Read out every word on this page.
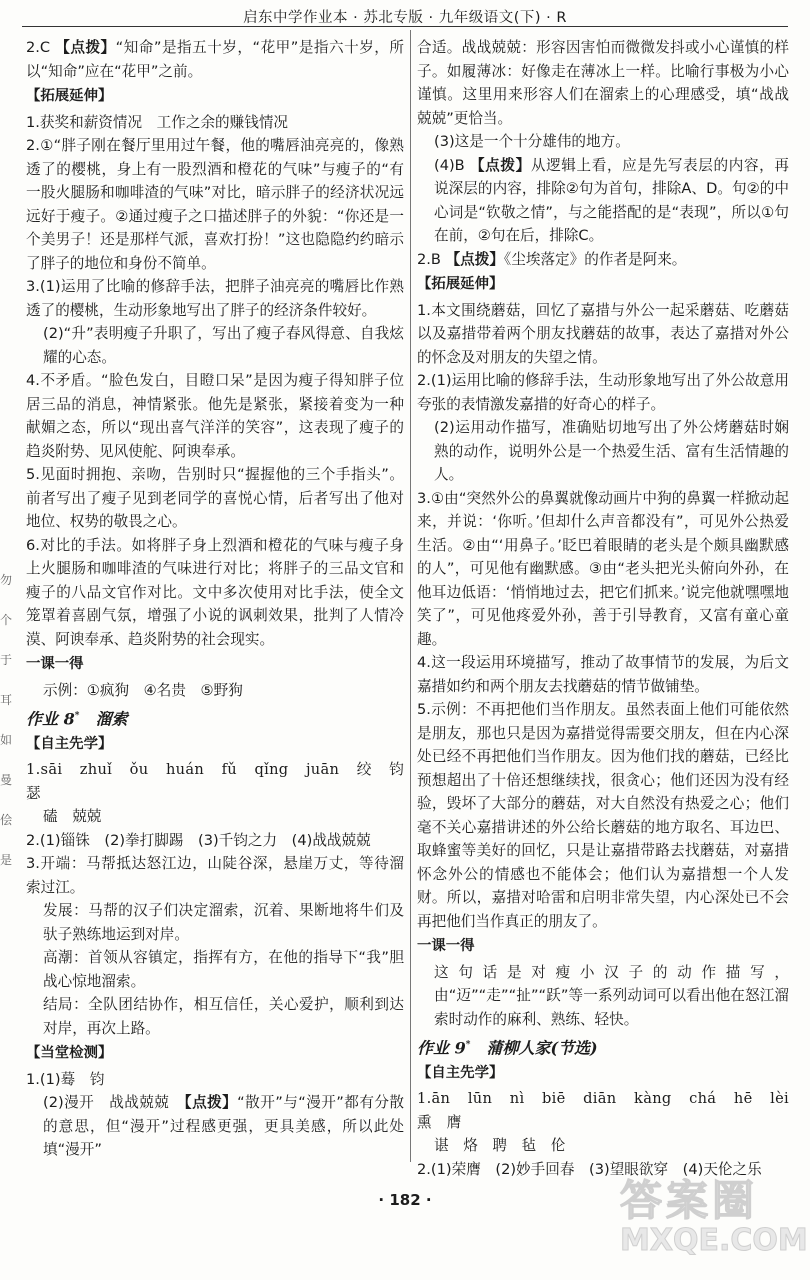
启东中学作业本 · 苏北专版 · 九年级语文(下) · R
2.C 【点拨】“知命”是指五十岁，“花甲”是指六十岁，所以“知命”应在“花甲”之前。
【拓展延伸】
1.获奖和薪资情况　工作之余的赚钱情况
2.①“胖子刚在餐厅里用过午餐，他的嘴唇油亮亮的，像熟透了的樱桃，身上有一股烈酒和橙花的气味”与瘦子的“有一股火腿肠和咖啡渣的气味”对比，暗示胖子的经济状况远远好于瘦子。②通过瘦子之口描述胖子的外貌：“你还是一个美男子！还是那样气派，喜欢打扮！”这也隐隐约约暗示了胖子的地位和身份不简单。
3.(1)运用了比喻的修辞手法，把胖子油亮亮的嘴唇比作熟透了的樱桃，生动形象地写出了胖子的经济条件较好。
(2)“升”表明瘦子升职了，写出了瘦子春风得意、自我炫耀的心态。
4.不矛盾。“脸色发白，目瞪口呆”是因为瘦子得知胖子位居三品的消息，神情紧张。他先是紧张，紧接着变为一种献媚之态，所以“现出喜气洋洋的笑容”，这表现了瘦子的趋炎附势、见风使舵、阿谀奉承。
5.见面时拥抱、亲吻，告别时只“握握他的三个手指头”。前者写出了瘦子见到老同学的喜悦心情，后者写出了他对地位、权势的敬畏之心。
6.对比的手法。如将胖子身上烈酒和橙花的气味与瘦子身上火腿肠和咖啡渣的气味进行对比；将胖子的三品文官和瘦子的八品文官作对比。文中多次使用对比手法，使全文笼罩着喜剧气氛，增强了小说的讽刺效果，批判了人情冷漠、阿谀奉承、趋炎附势的社会现实。
一课一得
示例：①疯狗　④名贵　⑤野狗
作业 8*　 溜索
【自主先学】
1.sāi　zhuǐ　ǒu　huán　fǔ　qǐng　juān　绞　钧　瑟
磕　兢兢
2.(1)锱铢　(2)拳打脚踢　(3)千钧之力　(4)战战兢兢
3.开端：马帮抵达怒江边，山陡谷深，悬崖万丈，等待溜索过江。
发展：马帮的汉子们决定溜索，沉着、果断地将牛们及驮子熟练地运到对岸。
高潮：首领从容镇定，指挥有方，在他的指导下“我”胆战心惊地溜索。
结局：全队团结协作，相互信任，关心爱护，顺利到达对岸，再次上路。
【当堂检测】
1.(1)蓦　钧
(2)漫开　战战兢兢　【点拨】“散开”与“漫开”都有分散的意思，但“漫开”过程感更强，更具美感，所以此处填“漫开”
合适。战战兢兢：形容因害怕而微微发抖或小心谨慎的样子。如履薄冰：好像走在薄冰上一样。比喻行事极为小心谨慎。这里用来形容人们在溜索上的心理感受，填“战战兢兢”更恰当。
(3)这是一个十分雄伟的地方。
(4)B 【点拨】从逻辑上看，应是先写表层的内容，再说深层的内容，排除②句为首句，排除A、D。句②的中心词是“钦敬之情”，与之能搭配的是“表现”，所以①句在前，②句在后，排除C。
2.B 【点拨】《尘埃落定》的作者是阿来。
【拓展延伸】
1.本文围绕蘑菇，回忆了嘉措与外公一起采蘑菇、吃蘑菇以及嘉措带着两个朋友找蘑菇的故事，表达了嘉措对外公的怀念及对朋友的失望之情。
2.(1)运用比喻的修辞手法，生动形象地写出了外公故意用夸张的表情激发嘉措的好奇心的样子。
(2)运用动作描写，准确贴切地写出了外公烤蘑菇时娴熟的动作，说明外公是一个热爱生活、富有生活情趣的人。
3.①由“突然外公的鼻翼就像动画片中狗的鼻翼一样掀动起来，并说：‘你听。’但却什么声音都没有”，可见外公热爱生活。②由“‘用鼻子。’眨巴着眼睛的老头是个颇具幽默感的人”，可见他有幽默感。③由“老头把光头俯向外孙，在他耳边低语：‘悄悄地过去，把它们抓来。’说完他就嘿嘿地笑了”，可见他疼爱外孙，善于引导教育，又富有童心童趣。
4.这一段运用环境描写，推动了故事情节的发展，为后文嘉措如约和两个朋友去找蘑菇的情节做铺垫。
5.示例：不再把他们当作朋友。虽然表面上他们可能依然是朋友，那也只是因为嘉措觉得需要交朋友，但在内心深处已经不再把他们当作朋友。因为他们找的蘑菇，已经比预想超出了十倍还想继续找，很贪心；他们还因为没有经验，毁坏了大部分的蘑菇，对大自然没有热爱之心；他们毫不关心嘉措讲述的外公给长蘑菇的地方取名、耳边巴、取蜂蜜等美好的回忆，只是让嘉措带路去找蘑菇，对嘉措怀念外公的情感也不能体会；他们认为嘉措想一个人发财。所以，嘉措对哈雷和启明非常失望，内心深处已不会再把他们当作真正的朋友了。
一课一得
这句话是对瘦小汉子的动作描写，由“迈”“走”“扯”“跃”等一系列动词可以看出他在怒江溜索时动作的麻利、熟练、轻快。
作业 9*　 蒲柳人家(节选)
【自主先学】
1.ān　lūn　nì　biē　diān　kàng　chá　hē　lèi　熏　膺
谌　烙　聘　毡　伦
2.(1)荣膺　(2)妙手回春　(3)望眼欲穿　(4)天伦之乐
勿
个
于
耳
如
曼
侩
是
· 182 ·	答案圈
MXQE.COM
